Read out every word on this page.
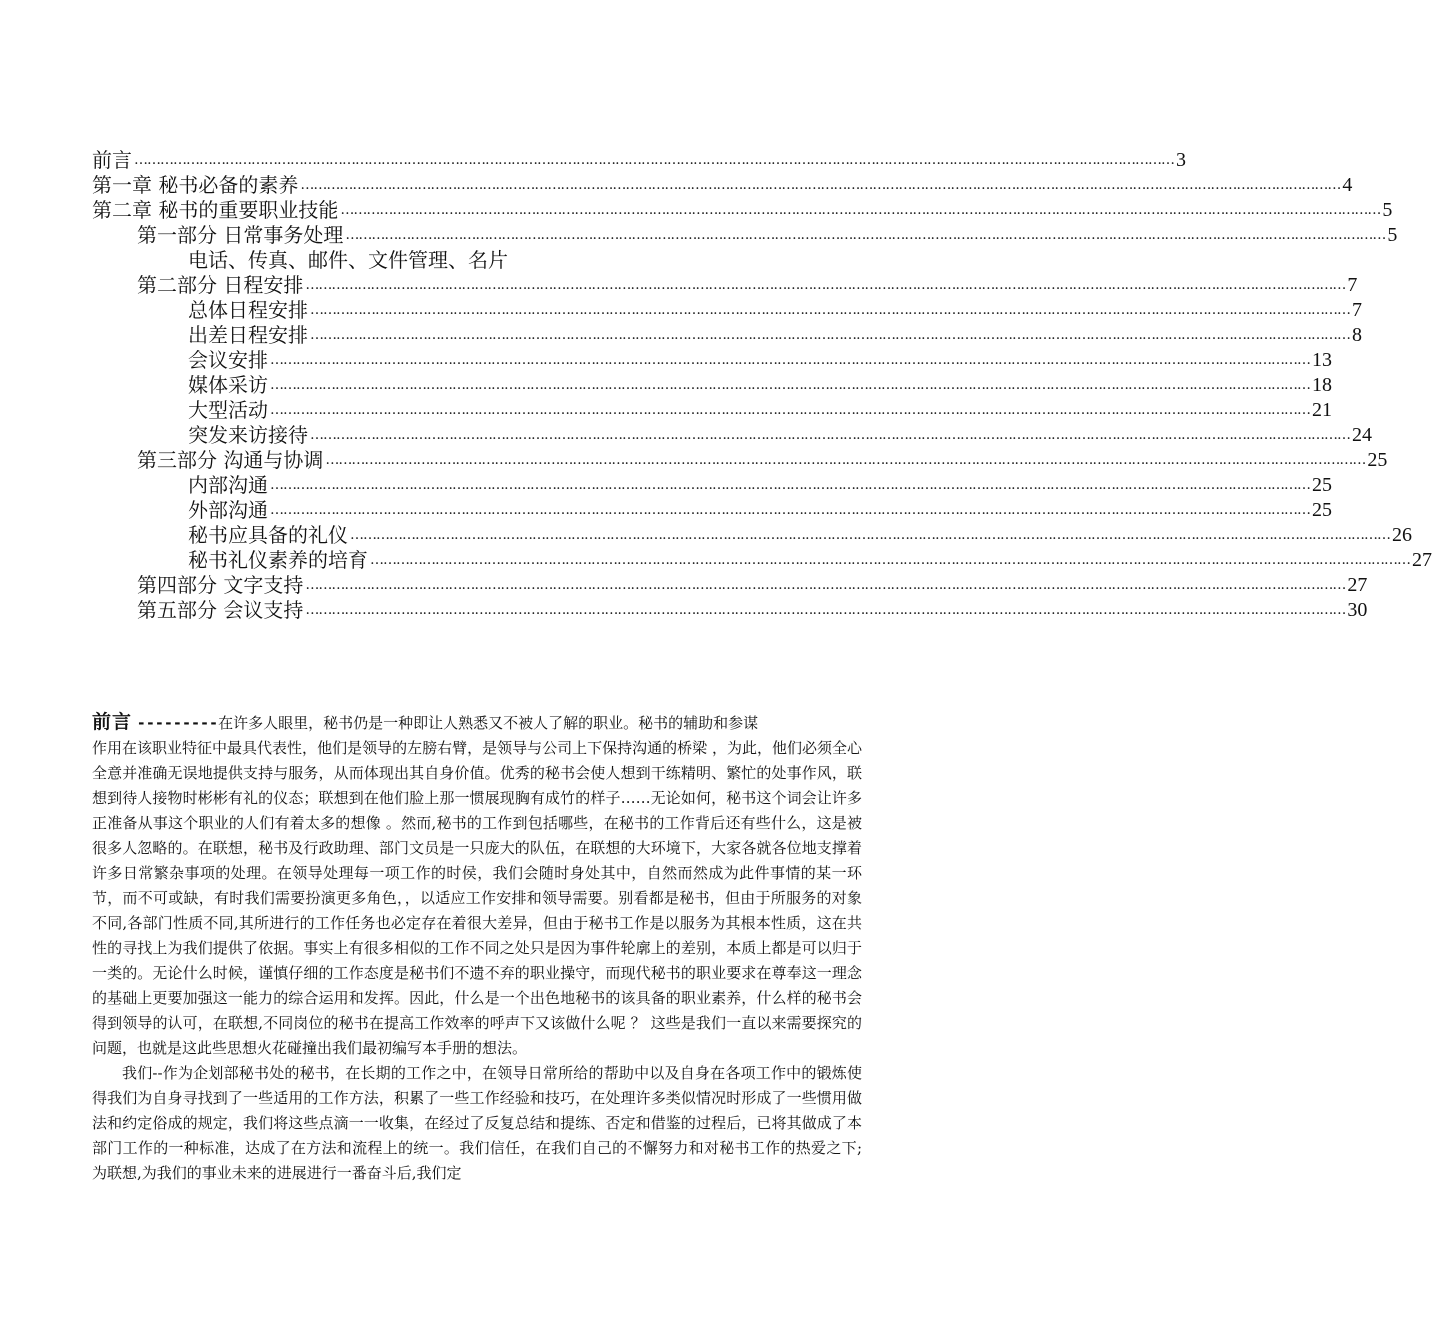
前言 …………………………………………………………………………………………………………………………………………………………………………………………………………………… 3
第一章 秘书必备的素养 …………………………………………………………………………………………………………………………………………………………………………………………………………………… 4
第二章 秘书的重要职业技能 …………………………………………………………………………………………………………………………………………………………………………………………………………………… 5
第一部分 日常事务处理 …………………………………………………………………………………………………………………………………………………………………………………………………………………… 5
电话、传真、邮件、文件管理、名片
第二部分 日程安排 …………………………………………………………………………………………………………………………………………………………………………………………………………………… 7
总体日程安排 …………………………………………………………………………………………………………………………………………………………………………………………………………………… 7
出差日程安排 …………………………………………………………………………………………………………………………………………………………………………………………………………………… 8
会议安排 …………………………………………………………………………………………………………………………………………………………………………………………………………………… 13
媒体采访 …………………………………………………………………………………………………………………………………………………………………………………………………………………… 18
大型活动 …………………………………………………………………………………………………………………………………………………………………………………………………………………… 21
突发来访接待 …………………………………………………………………………………………………………………………………………………………………………………………………………………… 24
第三部分 沟通与协调 …………………………………………………………………………………………………………………………………………………………………………………………………………………… 25
内部沟通 …………………………………………………………………………………………………………………………………………………………………………………………………………………… 25
外部沟通 …………………………………………………………………………………………………………………………………………………………………………………………………………………… 25
秘书应具备的礼仪 …………………………………………………………………………………………………………………………………………………………………………………………………………………… 26
秘书礼仪素养的培育 …………………………………………………………………………………………………………………………………………………………………………………………………………………… 27
第四部分 文字支持 …………………………………………………………………………………………………………………………………………………………………………………………………………………… 27
第五部分 会议支持 …………………………………………………………………………………………………………………………………………………………………………………………………………………… 30
前言 ---------在许多人眼里，秘书仍是一种即让人熟悉又不被人了解的职业。秘书的辅助和参谋

作用在该职业特征中最具代表性，他们是领导的左膀右臂，是领导与公司上下保持沟通的桥梁 ，为此，他们必须全心全意并准确无误地提供支持与服务，从而体现出其自身价值。优秀的秘书会使人想到干练精明、繁忙的处事作风，联想到待人接物时彬彬有礼的仪态；联想到在他们脸上那一惯展现胸有成竹的样子……无论如何，秘书这个词会让许多正准备从事这个职业的人们有着太多的想像 。然而,秘书的工作到包括哪些，在秘书的工作背后还有些什么，这是被很多人忽略的。在联想，秘书及行政助理、部门文员是一只庞大的队伍，在联想的大环境下，大家各就各位地支撑着许多日常繁杂事项的处理。在领导处理每一项工作的时侯，我们会随时身处其中，自然而然成为此件事情的某一环节，而不可或缺，有时我们需要扮演更多角色，，以适应工作安排和领导需要。别看都是秘书，但由于所服务的对象不同,各部门性质不同,其所进行的工作任务也必定存在着很大差异，但由于秘书工作是以服务为其根本性质，这在共性的寻找上为我们提供了依据。事实上有很多相似的工作不同之处只是因为事件轮廓上的差别，本质上都是可以归于一类的。无论什么时候，谨慎仔细的工作态度是秘书们不遗不弃的职业操守，而现代秘书的职业要求在尊奉这一理念的基础上更要加强这一能力的综合运用和发挥。因此，什么是一个出色地秘书的该具备的职业素养，什么样的秘书会得到领导的认可，在联想,不同岗位的秘书在提高工作效率的呼声下又该做什么呢 ？ 这些是我们一直以来需要探究的问题，也就是这此些思想火花碰撞出我们最初编写本手册的想法。

我们--作为企划部秘书处的秘书，在长期的工作之中，在领导日常所给的帮助中以及自身在各项工作中的锻炼使得我们为自身寻找到了一些适用的工作方法，积累了一些工作经验和技巧，在处理许多类似情况时形成了一些惯用做法和约定俗成的规定，我们将这些点滴一一收集，在经过了反复总结和提练、否定和借鉴的过程后，已将其做成了本部门工作的一种标准，达成了在方法和流程上的统一。我们信任，在我们自己的不懈努力和对秘书工作的热爱之下;为联想,为我们的事业未来的进展进行一番奋斗后,我们定
